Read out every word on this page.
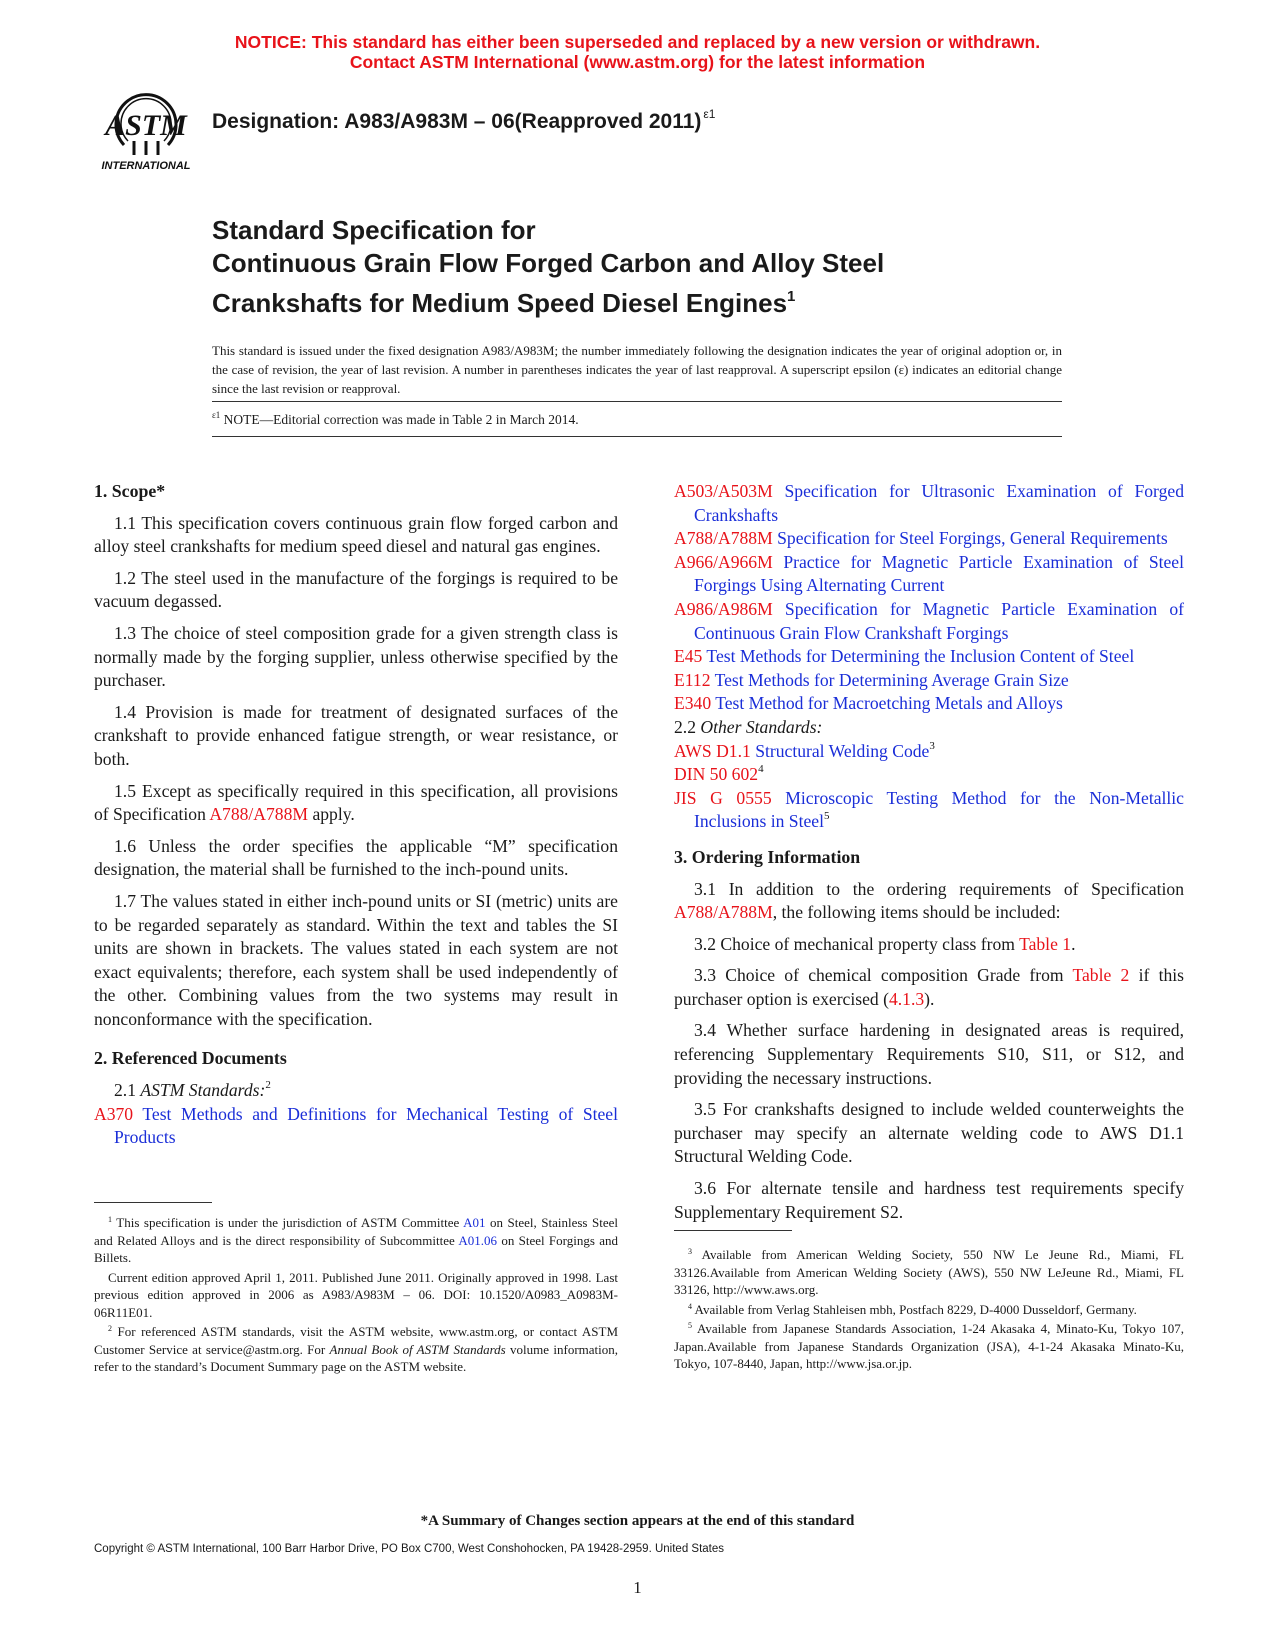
NOTICE: This standard has either been superseded and replaced by a new version or withdrawn.
Contact ASTM International (www.astm.org) for the latest information
ASTM
INTERNATIONAL
Designation: A983/A983M – 06(Reapproved 2011) $^{\varepsilon 1}$
Standard Specification for
Continuous Grain Flow Forged Carbon and Alloy Steel
Crankshafts for Medium Speed Diesel Engines$^1$
This standard is issued under the fixed designation A983/A983M; the number immediately following the designation indicates the year of original adoption or, in the case of revision, the year of last revision. A number in parentheses indicates the year of last reapproval. A superscript epsilon (ε) indicates an editorial change since the last revision or reapproval.
$^{\varepsilon 1}$ NOTE—Editorial correction was made in Table 2 in March 2014.
1. Scope*

1.1 This specification covers continuous grain flow forged carbon and alloy steel crankshafts for medium speed diesel and natural gas engines.

1.2 The steel used in the manufacture of the forgings is required to be vacuum degassed.

1.3 The choice of steel composition grade for a given strength class is normally made by the forging supplier, unless otherwise specified by the purchaser.

1.4 Provision is made for treatment of designated surfaces of the crankshaft to provide enhanced fatigue strength, or wear resistance, or both.

1.5 Except as specifically required in this specification, all provisions of Specification A788/A788M apply.

1.6 Unless the order specifies the applicable “M” specification designation, the material shall be furnished to the inch-pound units.

1.7 The values stated in either inch-pound units or SI (metric) units are to be regarded separately as standard. Within the text and tables the SI units are shown in brackets. The values stated in each system are not exact equivalents; therefore, each system shall be used independently of the other. Combining values from the two systems may result in nonconformance with the specification.

2. Referenced Documents
2.1 ASTM Standards:$^2$
A370 Test Methods and Definitions for Mechanical Testing of Steel Products
A503/A503M Specification for Ultrasonic Examination of Forged Crankshafts
A788/A788M Specification for Steel Forgings, General Requirements
A966/A966M Practice for Magnetic Particle Examination of Steel Forgings Using Alternating Current
A986/A986M Specification for Magnetic Particle Examination of Continuous Grain Flow Crankshaft Forgings
E45 Test Methods for Determining the Inclusion Content of Steel
E112 Test Methods for Determining Average Grain Size
E340 Test Method for Macroetching Metals and Alloys
2.2 Other Standards:
AWS D1.1 Structural Welding Code$^3$
DIN 50 $602^4$
JIS G 0555 Microscopic Testing Method for the Non-Metallic Inclusions in Steel$^5$
3. Ordering Information

3.1 In addition to the ordering requirements of Specification A788/A788M, the following items should be included:

3.2 Choice of mechanical property class from Table 1.

3.3 Choice of chemical composition Grade from Table 2 if this purchaser option is exercised (4.1.3).

3.4 Whether surface hardening in designated areas is required, referencing Supplementary Requirements S10, S11, or S12, and providing the necessary instructions.

3.5 For crankshafts designed to include welded counterweights the purchaser may specify an alternate welding code to AWS D1.1 Structural Welding Code.

3.6 For alternate tensile and hardness test requirements specify Supplementary Requirement S2.

$^1$ This specification is under the jurisdiction of ASTM Committee A01 on Steel, Stainless Steel and Related Alloys and is the direct responsibility of Subcommittee A01.06 on Steel Forgings and Billets.

Current edition approved April 1, 2011. Published June 2011. Originally approved in 1998. Last previous edition approved in 2006 as A983/A983M – 06. DOI: 10.1520/A0983_A0983M-06R11E01.

$^2$ For referenced ASTM standards, visit the ASTM website, www.astm.org, or contact ASTM Customer Service at service@astm.org. For Annual Book of ASTM Standards volume information, refer to the standard’s Document Summary page on the ASTM website.

$^3$ Available from American Welding Society, 550 NW Le Jeune Rd., Miami, FL 33126.Available from American Welding Society (AWS), 550 NW LeJeune Rd., Miami, FL 33126, http://www.aws.org.

$^4$ Available from Verlag Stahleisen mbh, Postfach 8229, D-4000 Dusseldorf, Germany.

$^5$ Available from Japanese Standards Association, 1-24 Akasaka 4, Minato-Ku, Tokyo 107, Japan.Available from Japanese Standards Organization (JSA), 4-1-24 Akasaka Minato-Ku, Tokyo, 107-8440, Japan, http://www.jsa.or.jp.

*A Summary of Changes section appears at the end of this standard
Copyright © ASTM International, 100 Barr Harbor Drive, PO Box C700, West Conshohocken, PA 19428-2959. United States
1
